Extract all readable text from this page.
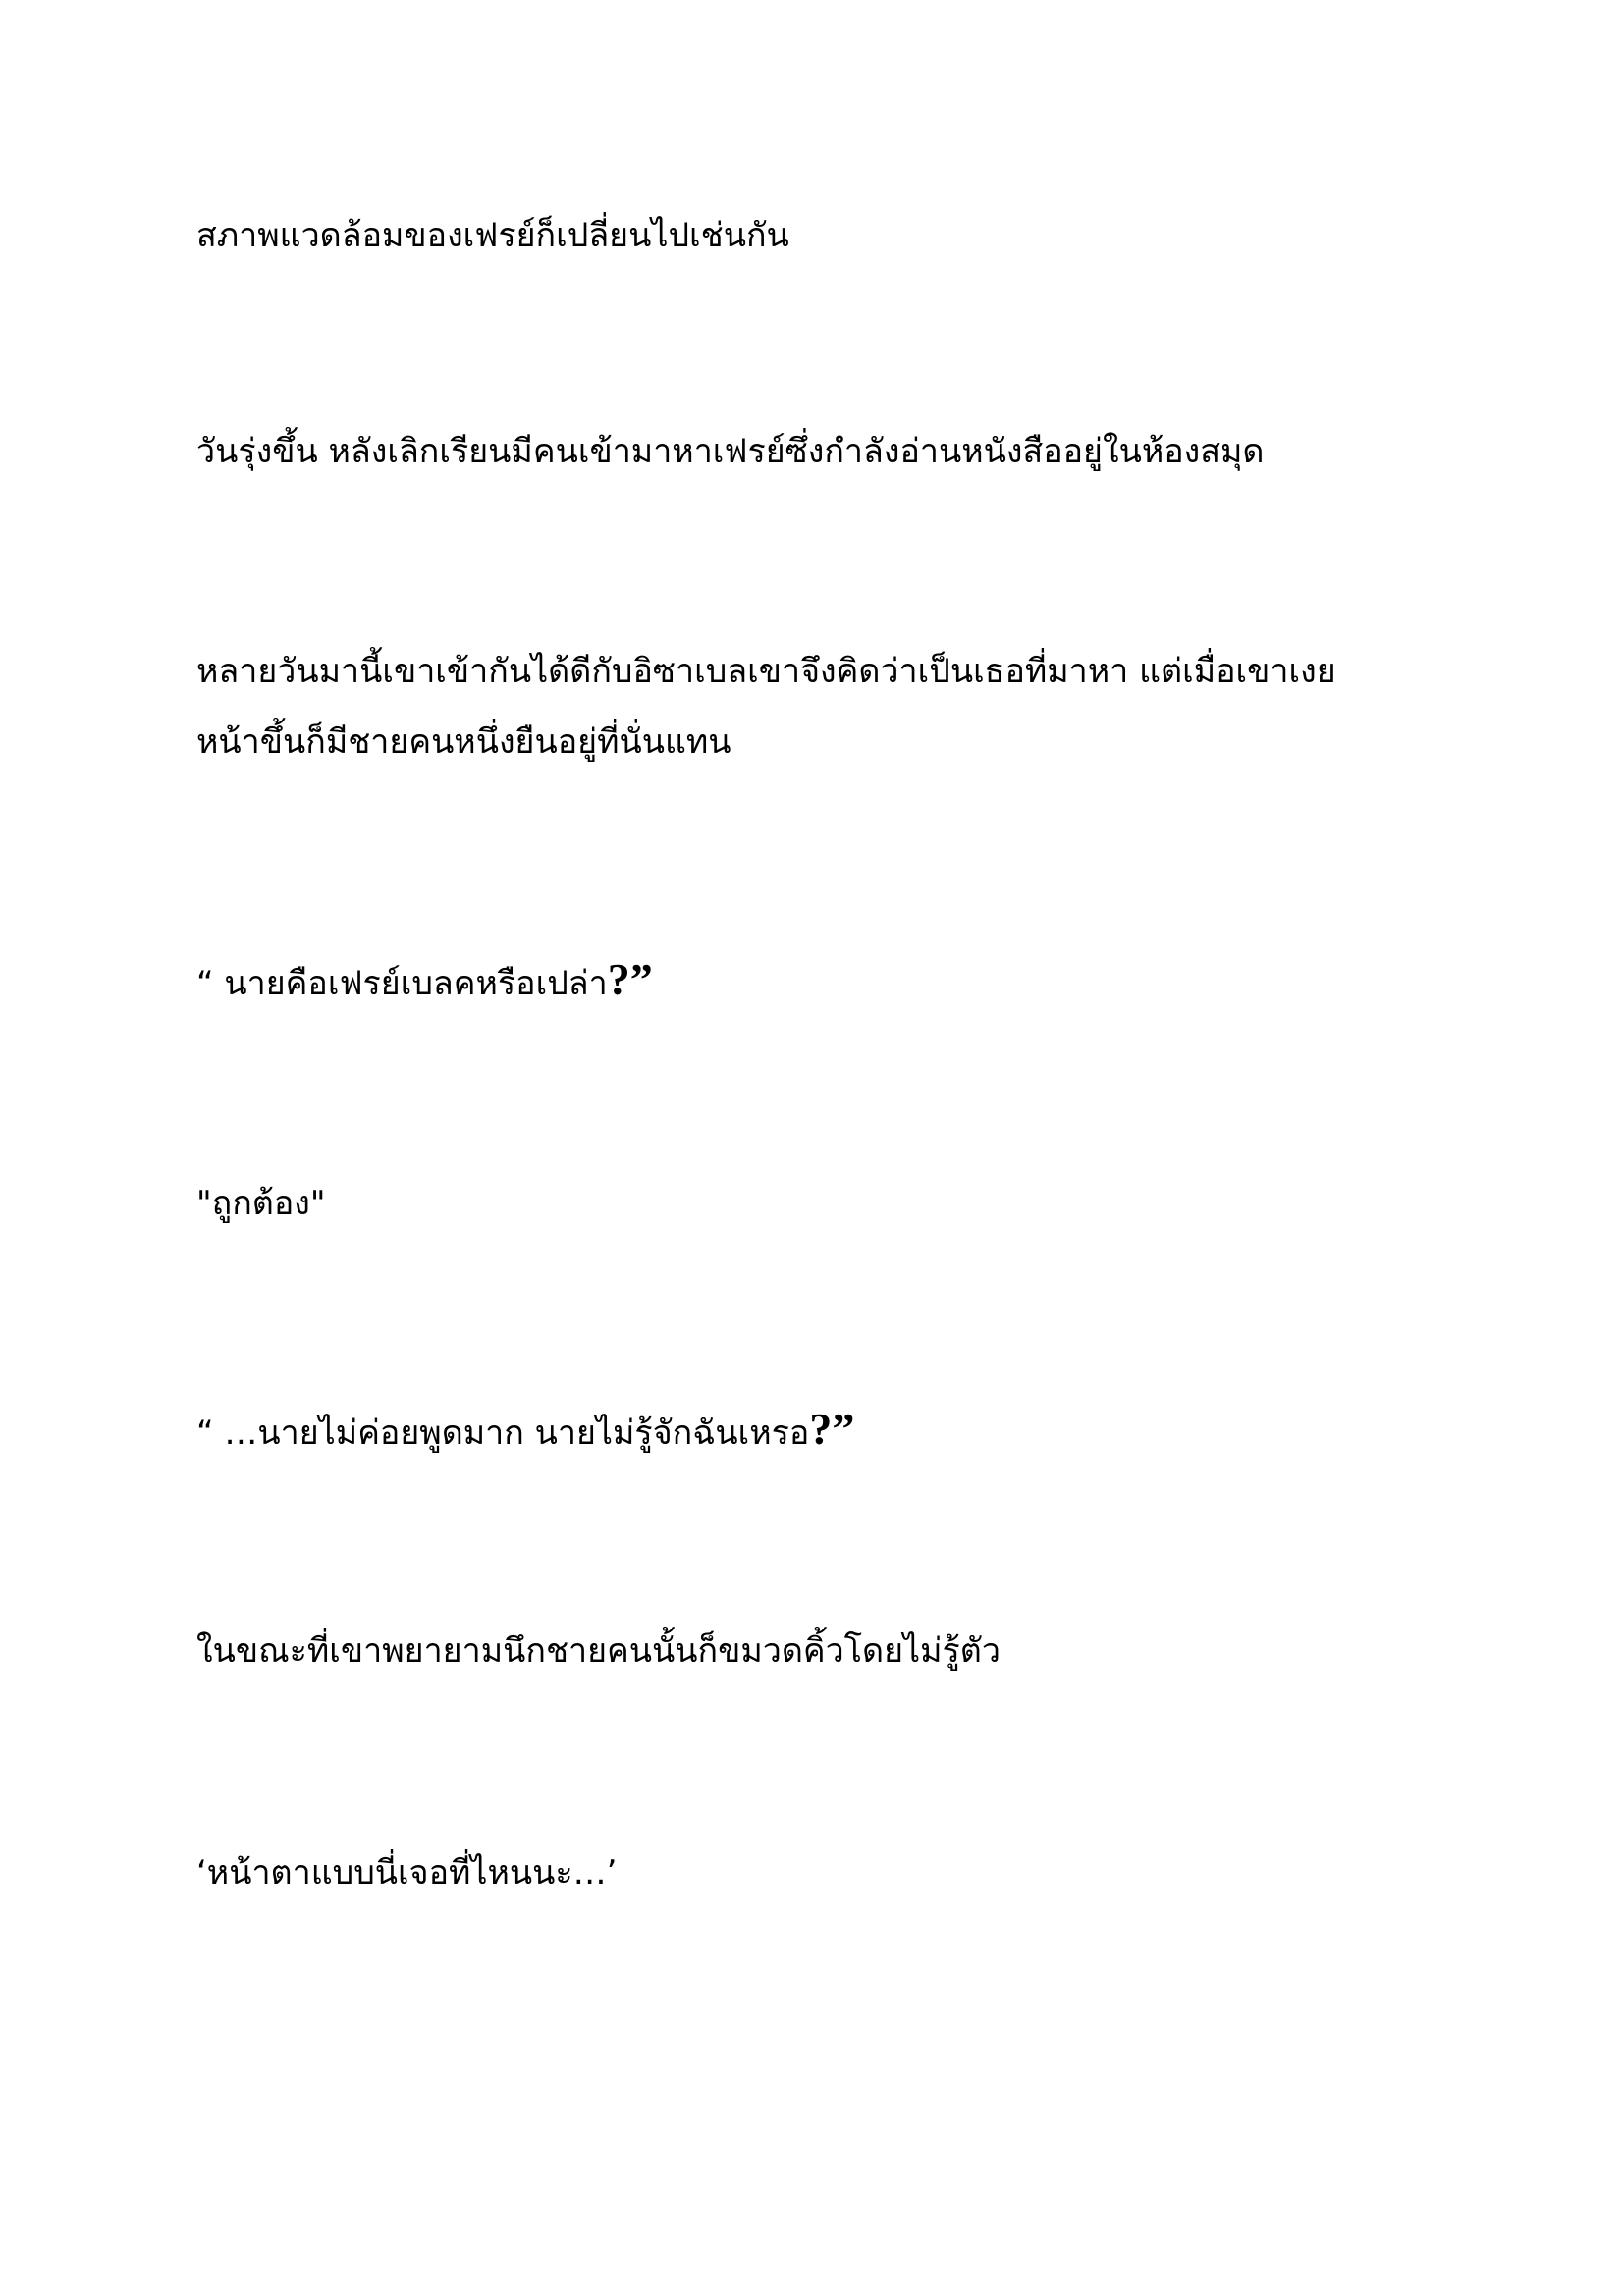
สภาพแวดล้อมของเฟรย์ก็เปลี่ยนไปเช่นกัน
วันรุ่งขึ้น หลังเลิกเรียนมีคนเข้ามาหาเฟรย์ซึ่งกำลังอ่านหนังสืออยู่ในห้องสมุด
หลายวันมานี้เขาเข้ากันได้ดีกับอิซาเบลเขาจึงคิดว่าเป็นเธอที่มาหา แต่เมื่อเขาเงย
หน้าขึ้นก็มีชายคนหนึ่งยืนอยู่ที่นั่นแทน
“ นายคือเฟรย์เบลคหรือเปล่า?”
"ถูกต้อง"
“ …นายไม่ค่อยพูดมาก นายไม่รู้จักฉันเหรอ?”
ในขณะที่เขาพยายามนึกชายคนนั้นก็ขมวดคิ้วโดยไม่รู้ตัว
‘หน้าตาแบบนี่เจอที่ไหนนะ…’
